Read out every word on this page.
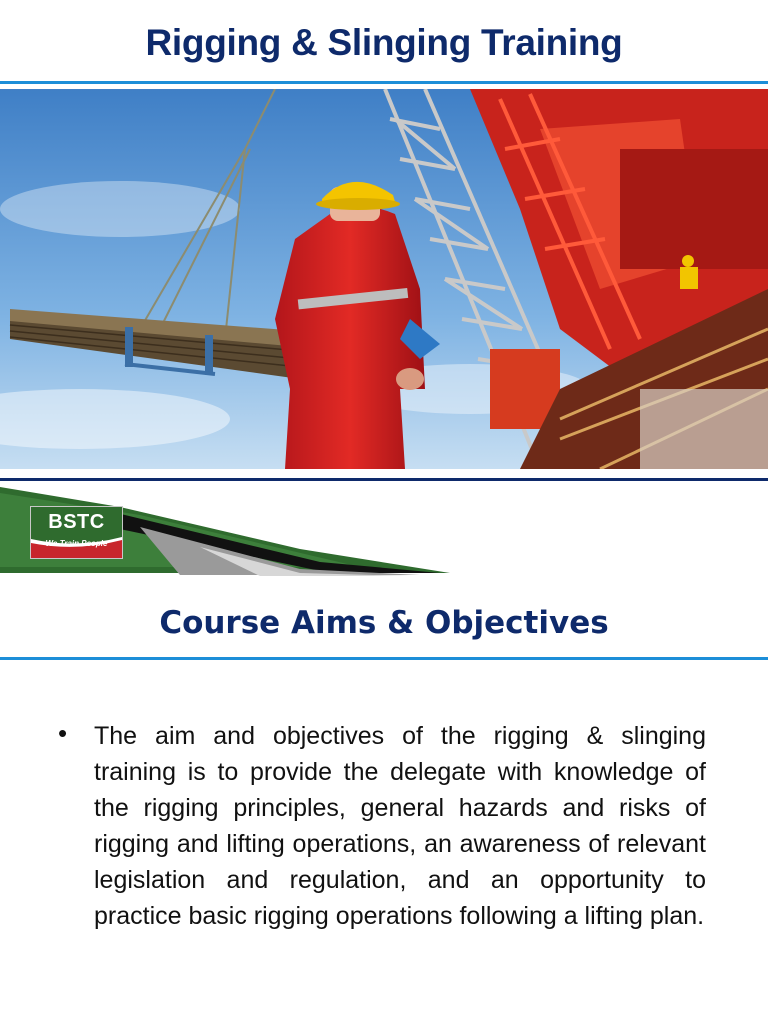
Rigging & Slinging Training
BSTC
We Train People
Course Aims & Objectives
• The aim and objectives of the rigging & slinging training is to provide the delegate with knowledge of the rigging principles, general hazards and risks of rigging and lifting operations, an awareness of relevant legislation and regulation, and an opportunity to practice basic rigging operations following a lifting plan.
